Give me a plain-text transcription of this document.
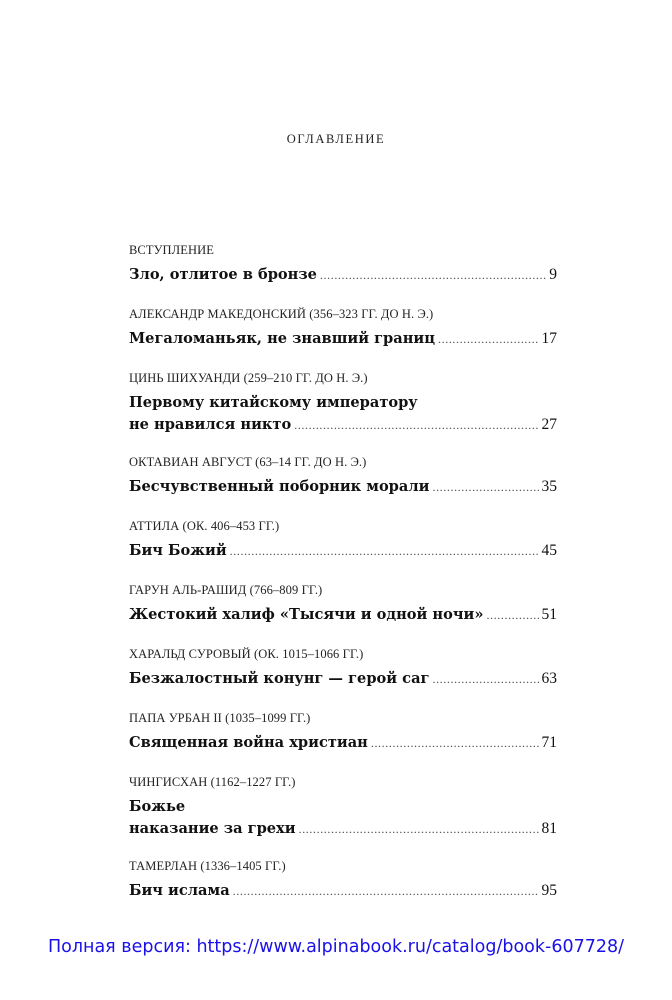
ОГЛАВЛЕНИЕ
ВСТУПЛЕНИЕ
Зло, отлитое в бронзе .....	9
АЛЕКСАНДР МАКЕДОНСКИЙ (356–323 ГГ. ДО Н. Э.)
Мегаломаньяк, не знавший границ .....	17
ЦИНЬ ШИХУАНДИ (259–210 ГГ. ДО Н. Э.)
Первому китайскому императору
не нравился никто .....	27
ОКТАВИАН АВГУСТ (63–14 ГГ. ДО Н. Э.)
Бесчувственный поборник морали .....	35
АТТИЛА (ОК. 406–453 ГГ.)
Бич Божий .....	45
ГАРУН АЛЬ-РАШИД (766–809 ГГ.)
Жестокий халиф «Тысячи и одной ночи» .....	51
ХАРАЛЬД СУРОВЫЙ (ОК. 1015–1066 ГГ.)
Безжалостный конунг — герой саг .....	63
ПАПА УРБАН II (1035–1099 ГГ.)
Священная война христиан .....	71
ЧИНГИСХАН (1162–1227 ГГ.)
Божье
наказание за грехи .....	81
ТАМЕРЛАН (1336–1405 ГГ.)
Бич ислама .....	95
Полная версия: https://www.alpinabook.ru/catalog/book-607728/
